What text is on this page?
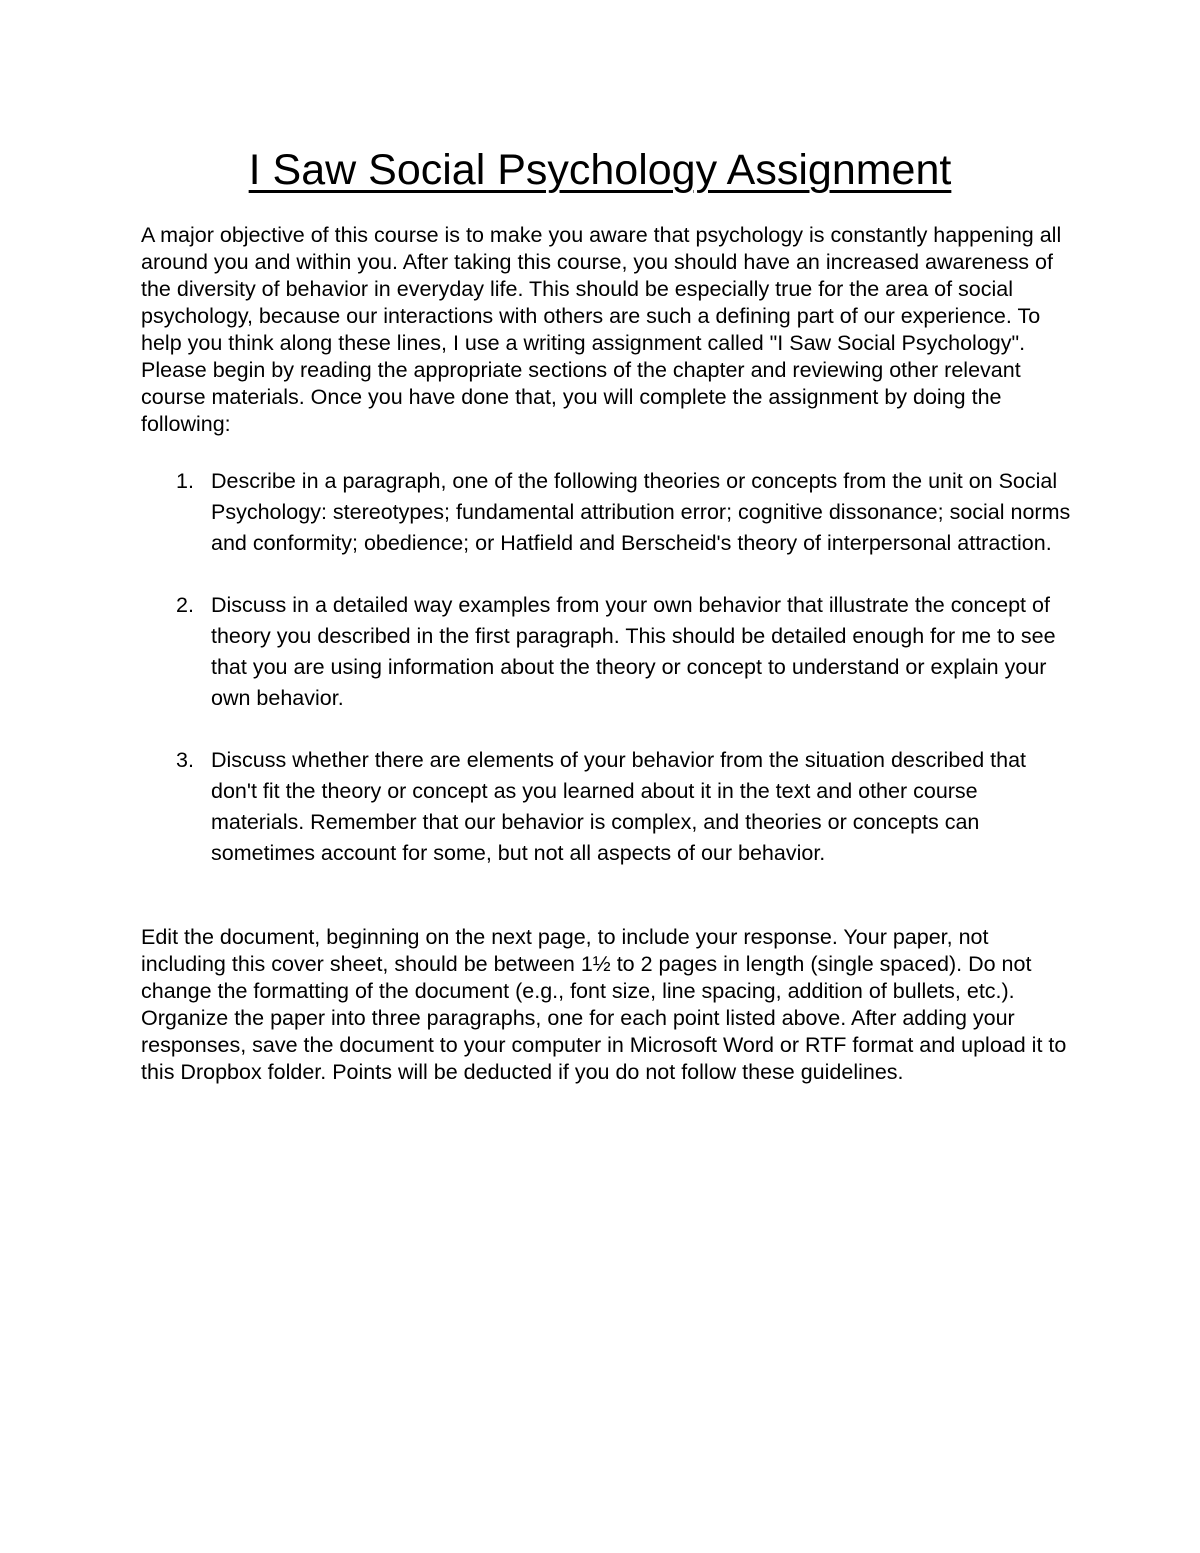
I Saw Social Psychology Assignment

A major objective of this course is to make you aware that psychology is constantly happening all around you and within you. After taking this course, you should have an increased awareness of the diversity of behavior in everyday life. This should be especially true for the area of social psychology, because our interactions with others are such a defining part of our experience. To help you think along these lines, I use a writing assignment called "I Saw Social Psychology". Please begin by reading the appropriate sections of the chapter and reviewing other relevant course materials. Once you have done that, you will complete the assignment by doing the following:

1. Describe in a paragraph, one of the following theories or concepts from the unit on Social Psychology: stereotypes; fundamental attribution error; cognitive dissonance; social norms and conformity; obedience; or Hatfield and Berscheid's theory of interpersonal attraction.
2. Discuss in a detailed way examples from your own behavior that illustrate the concept of theory you described in the first paragraph. This should be detailed enough for me to see that you are using information about the theory or concept to understand or explain your own behavior.
3. Discuss whether there are elements of your behavior from the situation described that don't fit the theory or concept as you learned about it in the text and other course materials. Remember that our behavior is complex, and theories or concepts can sometimes account for some, but not all aspects of our behavior.

Edit the document, beginning on the next page, to include your response. Your paper, not including this cover sheet, should be between 1½ to 2 pages in length (single spaced). Do not change the formatting of the document (e.g., font size, line spacing, addition of bullets, etc.). Organize the paper into three paragraphs, one for each point listed above. After adding your responses, save the document to your computer in Microsoft Word or RTF format and upload it to this Dropbox folder. Points will be deducted if you do not follow these guidelines.
